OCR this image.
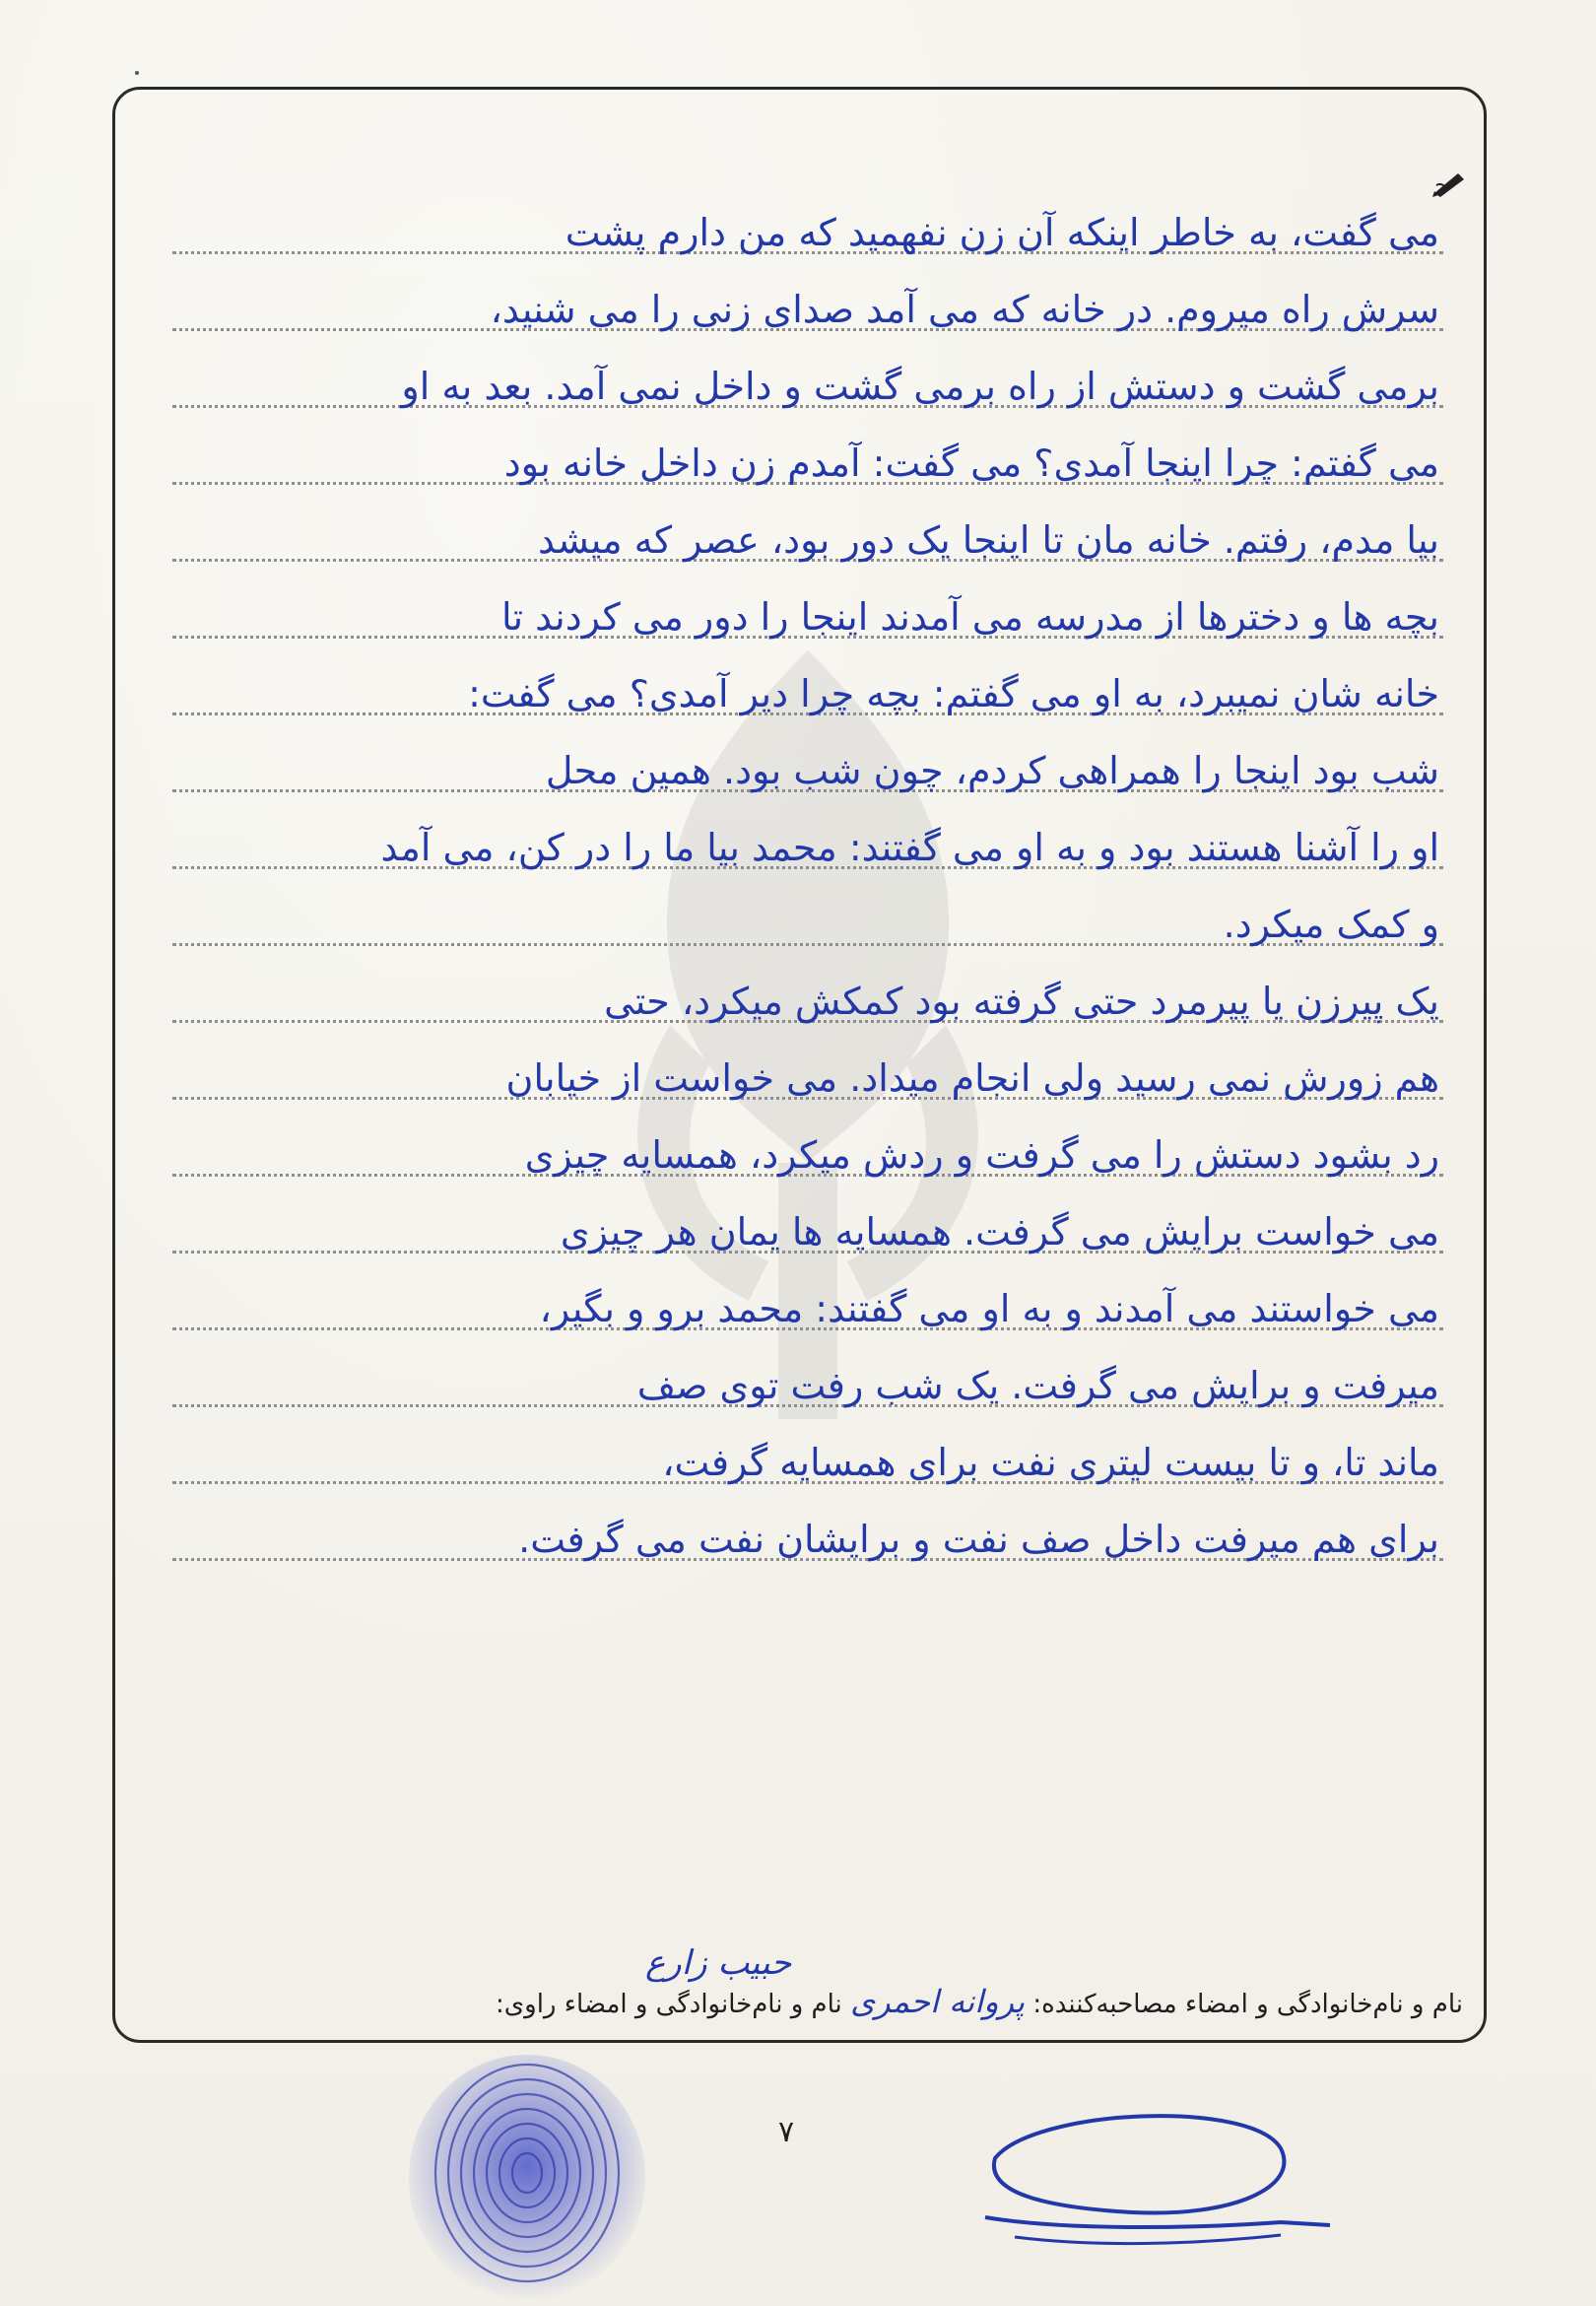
می گفت، به خاطر اینکه آن زن نفهمید که من دارم پشت
سرش راه میروم. در خانه که می آمد صدای زنی را می شنید،
برمی گشت و دستش از راه برمی گشت و داخل نمی آمد. بعد به او
می گفتم: چرا اینجا آمدی؟ می گفت: آمدم زن داخل خانه بود
بیا مدم، رفتم. خانه مان تا اینجا یک دور بود، عصر که میشد
بچه ها و دخترها از مدرسه می آمدند اینجا را دور می کردند تا
خانه شان نمیبرد، به او می گفتم: بچه چرا دیر آمدی؟ می گفت:
شب بود اینجا را همراهی کردم، چون شب بود. همین محل
او را آشنا هستند بود و به او می گفتند: محمد بیا ما را در کن، می آمد
و کمک میکرد.
یک پیرزن یا پیرمرد حتی گرفته بود کمکش میکرد، حتی
هم زورش نمی رسید ولی انجام میداد. می خواست از خیابان
رد بشود دستش را می گرفت و ردش میکرد، همسایه چیزی
می خواست برایش می گرفت. همسایه ها یمان هر چیزی
می خواستند می آمدند و به او می گفتند: محمد برو و بگیر،
میرفت و برایش می گرفت. یک شب رفت توی صف
ماند تا، و تا بیست لیتری نفت برای همسایه گرفت،
برای هم میرفت داخل صف نفت و برایشان نفت می گرفت.
حبیب زارع
نام و نام‌خانوادگی و امضاء مصاحبه‌کننده: پروانه احمری نام و نام‌خانوادگی و امضاء راوی:
۷
